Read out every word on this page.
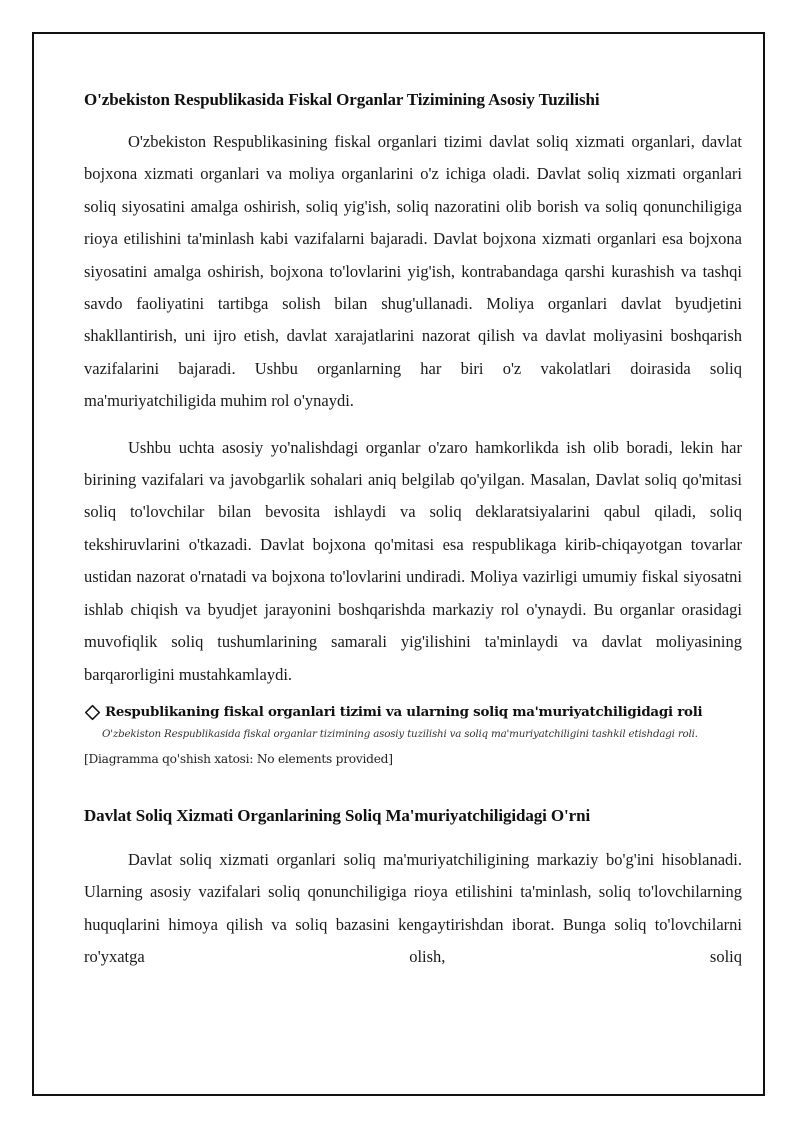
O'zbekiston Respublikasida Fiskal Organlar Tizimining Asosiy Tuzilishi

O'zbekiston Respublikasining fiskal organlari tizimi davlat soliq xizmati organlari, davlat bojxona xizmati organlari va moliya organlarini o'z ichiga oladi. Davlat soliq xizmati organlari soliq siyosatini amalga oshirish, soliq yig'ish, soliq nazoratini olib borish va soliq qonunchiligiga rioya etilishini ta'minlash kabi vazifalarni bajaradi. Davlat bojxona xizmati organlari esa bojxona siyosatini amalga oshirish, bojxona to'lovlarini yig'ish, kontrabandaga qarshi kurashish va tashqi savdo faoliyatini tartibga solish bilan shug'ullanadi. Moliya organlari davlat byudjetini shakllantirish, uni ijro etish, davlat xarajatlarini nazorat qilish va davlat moliyasini boshqarish vazifalarini bajaradi. Ushbu organlarning har biri o'z vakolatlari doirasida soliq ma'muriyatchiligida muhim rol o'ynaydi.

Ushbu uchta asosiy yo'nalishdagi organlar o'zaro hamkorlikda ish olib boradi, lekin har birining vazifalari va javobgarlik sohalari aniq belgilab qo'yilgan. Masalan, Davlat soliq qo'mitasi soliq to'lovchilar bilan bevosita ishlaydi va soliq deklaratsiyalarini qabul qiladi, soliq tekshiruvlarini o'tkazadi. Davlat bojxona qo'mitasi esa respublikaga kirib-chiqayotgan tovarlar ustidan nazorat o'rnatadi va bojxona to'lovlarini undiradi. Moliya vazirligi umumiy fiskal siyosatni ishlab chiqish va byudjet jarayonini boshqarishda markaziy rol o'ynaydi. Bu organlar orasidagi muvofiqlik soliq tushumlarining samarali yig'ilishini ta'minlaydi va davlat moliyasining barqarorligini mustahkamlaydi.

Respublikaning fiskal organlari tizimi va ularning soliq ma'muriyatchiligidagi roli
O'zbekiston Respublikasida fiskal organlar tizimining asosiy tuzilishi va soliq ma'muriyatchiligini tashkil etishdagi roli.
[Diagramma qo'shish xatosi: No elements provided]
Davlat Soliq Xizmati Organlarining Soliq Ma'muriyatchiligidagi O'rni

Davlat soliq xizmati organlari soliq ma'muriyatchiligining markaziy bo'g'ini hisoblanadi. Ularning asosiy vazifalari soliq qonunchiligiga rioya etilishini ta'minlash, soliq to'lovchilarning huquqlarini himoya qilish va soliq bazasini kengaytirishdan iborat. Bunga soliq to'lovchilarni ro'yxatga olish, soliq
